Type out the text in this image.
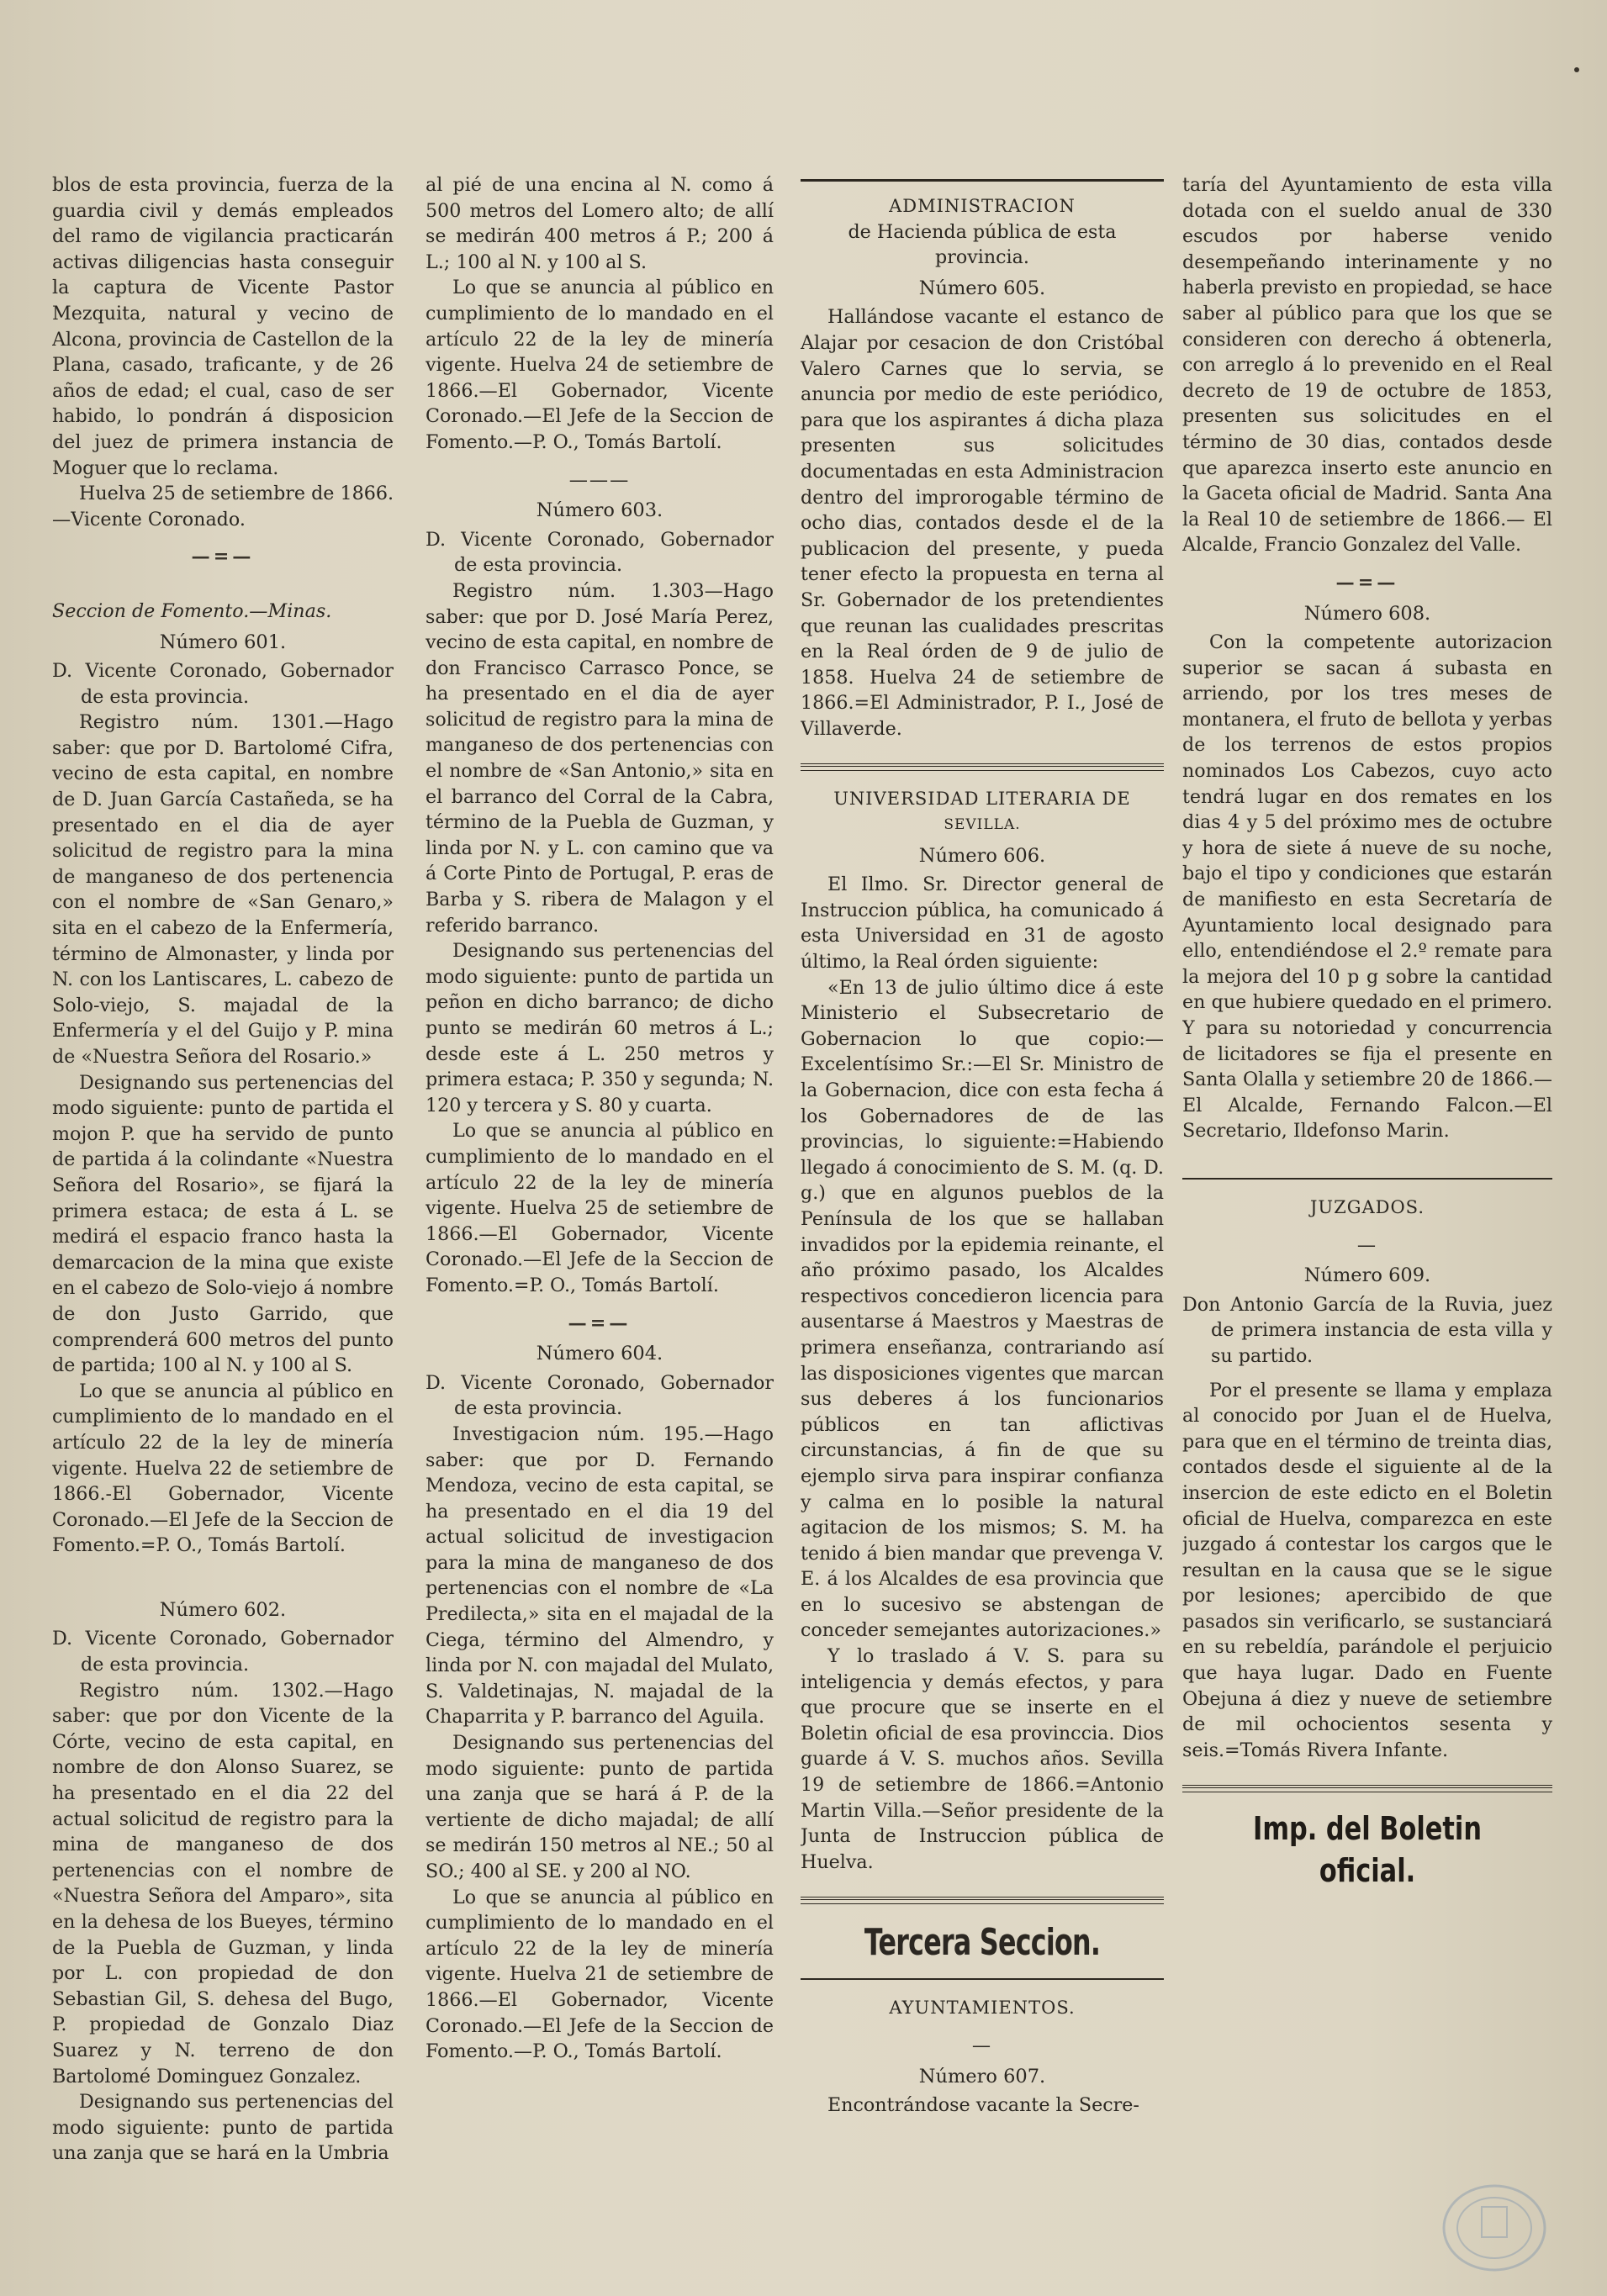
blos de esta provincia, fuerza de la guardia civil y demás empleados del ramo de vigilancia practicarán activas diligencias hasta conseguir la captura de Vicente Pastor Mezquita, natural y vecino de Alcona, provincia de Castellon de la Plana, casado, traficante, y de 26 años de edad; el cual, caso de ser habido, lo pondrán á disposicion del juez de primera instancia de Moguer que lo reclama.

Huelva 25 de setiembre de 1866. —Vicente Coronado.

—=—

Seccion de Fomento.—Minas.

Número 601.

D. Vicente Coronado, Gobernador de esta provincia.

Registro núm. 1301.—Hago saber: que por D. Bartolomé Cifra, vecino de esta capital, en nombre de D. Juan García Castañeda, se ha presentado en el dia de ayer solicitud de registro para la mina de manganeso de dos pertenencia con el nombre de «San Genaro,» sita en el cabezo de la Enfermería, término de Almonaster, y linda por N. con los Lantiscares, L. cabezo de Solo-viejo, S. majadal de la Enfermería y el del Guijo y P. mina de «Nuestra Señora del Rosario.»

Designando sus pertenencias del modo siguiente: punto de partida el mojon P. que ha servido de punto de partida á la colindante «Nuestra Señora del Rosario», se fijará la primera estaca; de esta á L. se medirá el espacio franco hasta la demarcacion de la mina que existe en el cabezo de Solo-viejo á nombre de don Justo Garrido, que comprenderá 600 metros del punto de partida; 100 al N. y 100 al S.

Lo que se anuncia al público en cumplimiento de lo mandado en el artículo 22 de la ley de minería vigente. Huelva 22 de setiembre de 1866.-El Gobernador, Vicente Coronado.—El Jefe de la Seccion de Fomento.=P. O., Tomás Bartolí.

Número 602.

D. Vicente Coronado, Gobernador de esta provincia.

Registro núm. 1302.—Hago saber: que por don Vicente de la Córte, vecino de esta capital, en nombre de don Alonso Suarez, se ha presentado en el dia 22 del actual solicitud de registro para la mina de manganeso de dos pertenencias con el nombre de «Nuestra Señora del Amparo», sita en la dehesa de los Bueyes, término de la Puebla de Guzman, y linda por L. con propiedad de don Sebastian Gil, S. dehesa del Bugo, P. propiedad de Gonzalo Diaz Suarez y N. terreno de don Bartolomé Dominguez Gonzalez.

Designando sus pertenencias del modo siguiente: punto de partida una zanja que se hará en la Umbria

al pié de una encina al N. como á 500 metros del Lomero alto; de allí se medirán 400 metros á P.; 200 á L.; 100 al N. y 100 al S.

Lo que se anuncia al público en cumplimiento de lo mandado en el artículo 22 de la ley de minería vigente. Huelva 24 de setiembre de 1866.—El Gobernador, Vicente Coronado.—El Jefe de la Seccion de Fomento.—P. O., Tomás Bartolí.

———

Número 603.

D. Vicente Coronado, Gobernador de esta provincia.

Registro núm. 1.303—Hago saber: que por D. José María Perez, vecino de esta capital, en nombre de don Francisco Carrasco Ponce, se ha presentado en el dia de ayer solicitud de registro para la mina de manganeso de dos pertenencias con el nombre de «San Antonio,» sita en el barranco del Corral de la Cabra, término de la Puebla de Guzman, y linda por N. y L. con camino que va á Corte Pinto de Portugal, P. eras de Barba y S. ribera de Malagon y el referido barranco.

Designando sus pertenencias del modo siguiente: punto de partida un peñon en dicho barranco; de dicho punto se medirán 60 metros á L.; desde este á L. 250 metros y primera estaca; P. 350 y segunda; N. 120 y tercera y S. 80 y cuarta.

Lo que se anuncia al público en cumplimiento de lo mandado en el artículo 22 de la ley de minería vigente. Huelva 25 de setiembre de 1866.—El Gobernador, Vicente Coronado.—El Jefe de la Seccion de Fomento.=P. O., Tomás Bartolí.

—=—

Número 604.

D. Vicente Coronado, Gobernador de esta provincia.

Investigacion núm. 195.—Hago saber: que por D. Fernando Mendoza, vecino de esta capital, se ha presentado en el dia 19 del actual solicitud de investigacion para la mina de manganeso de dos pertenencias con el nombre de «La Predilecta,» sita en el majadal de la Ciega, término del Almendro, y linda por N. con majadal del Mulato, S. Valdetinajas, N. majadal de la Chaparrita y P. barranco del Aguila.

Designando sus pertenencias del modo siguiente: punto de partida una zanja que se hará á P. de la vertiente de dicho majadal; de allí se medirán 150 metros al NE.; 50 al SO.; 400 al SE. y 200 al NO.

Lo que se anuncia al público en cumplimiento de lo mandado en el artículo 22 de la ley de minería vigente. Huelva 21 de setiembre de 1866.—El Gobernador, Vicente Coronado.—El Jefe de la Seccion de Fomento.—P. O., Tomás Bartolí.

ADMINISTRACION

de Hacienda pública de esta provincia.

Número 605.

Hallándose vacante el estanco de Alajar por cesacion de don Cristóbal Valero Carnes que lo servia, se anuncia por medio de este periódico, para que los aspirantes á dicha plaza presenten sus solicitudes documentadas en esta Administracion dentro del improrogable término de ocho dias, contados desde el de la publicacion del presente, y pueda tener efecto la propuesta en terna al Sr. Gobernador de los pretendientes que reunan las cualidades prescritas en la Real órden de 9 de julio de 1858. Huelva 24 de setiembre de 1866.=El Administrador, P. I., José de Villaverde.

UNIVERSIDAD LITERARIA DE

SEVILLA.

Número 606.

El Ilmo. Sr. Director general de Instruccion pública, ha comunicado á esta Universidad en 31 de agosto último, la Real órden siguiente:

«En 13 de julio último dice á este Ministerio el Subsecretario de Gobernacion lo que copio:—Excelentísimo Sr.:—El Sr. Ministro de la Gobernacion, dice con esta fecha á los Gobernadores de de las provincias, lo siguiente:=Habiendo llegado á conocimiento de S. M. (q. D. g.) que en algunos pueblos de la Península de los que se hallaban invadidos por la epidemia reinante, el año próximo pasado, los Alcaldes respectivos concedieron licencia para ausentarse á Maestros y Maestras de primera enseñanza, contrariando así las disposiciones vigentes que marcan sus deberes á los funcionarios públicos en tan aflictivas circunstancias, á fin de que su ejemplo sirva para inspirar confianza y calma en lo posible la natural agitacion de los mismos; S. M. ha tenido á bien mandar que prevenga V. E. á los Alcaldes de esa provincia que en lo sucesivo se abstengan de conceder semejantes autorizaciones.»

Y lo traslado á V. S. para su inteligencia y demás efectos, y para que procure que se inserte en el Boletin oficial de esa provinccia. Dios guarde á V. S. muchos años. Sevilla 19 de setiembre de 1866.=Antonio Martin Villa.—Señor presidente de la Junta de Instruccion pública de Huelva.

Tercera Seccion.

AYUNTAMIENTOS.

—

Número 607.

Encontrándose vacante la Secre-

taría del Ayuntamiento de esta villa dotada con el sueldo anual de 330 escudos por haberse venido desempeñando interinamente y no haberla previsto en propiedad, se hace saber al público para que los que se consideren con derecho á obtenerla, con arreglo á lo prevenido en el Real decreto de 19 de octubre de 1853, presenten sus solicitudes en el término de 30 dias, contados desde que aparezca inserto este anuncio en la Gaceta oficial de Madrid. Santa Ana la Real 10 de setiembre de 1866.— El Alcalde, Francio Gonzalez del Valle.

—=—

Número 608.

Con la competente autorizacion superior se sacan á subasta en arriendo, por los tres meses de montanera, el fruto de bellota y yerbas de los terrenos de estos propios nominados Los Cabezos, cuyo acto tendrá lugar en dos remates en los dias 4 y 5 del próximo mes de octubre y hora de siete á nueve de su noche, bajo el tipo y condiciones que estarán de manifiesto en esta Secretaría de Ayuntamiento local designado para ello, entendiéndose el 2.º remate para la mejora del 10 p g sobre la cantidad en que hubiere quedado en el primero. Y para su notoriedad y concurrencia de licitadores se fija el presente en Santa Olalla y setiembre 20 de 1866.—El Alcalde, Fernando Falcon.—El Secretario, Ildefonso Marin.

JUZGADOS.

—

Número 609.

Don Antonio García de la Ruvia, juez de primera instancia de esta villa y su partido.

Por el presente se llama y emplaza al conocido por Juan el de Huelva, para que en el término de treinta dias, contados desde el siguiente al de la insercion de este edicto en el Boletin oficial de Huelva, comparezca en este juzgado á contestar los cargos que le resultan en la causa que se le sigue por lesiones; apercibido de que pasados sin verificarlo, se sustanciará en su rebeldía, parándole el perjuicio que haya lugar. Dado en Fuente Obejuna á diez y nueve de setiembre de mil ochocientos sesenta y seis.=Tomás Rivera Infante.

Imp. del Boletin oficial.
